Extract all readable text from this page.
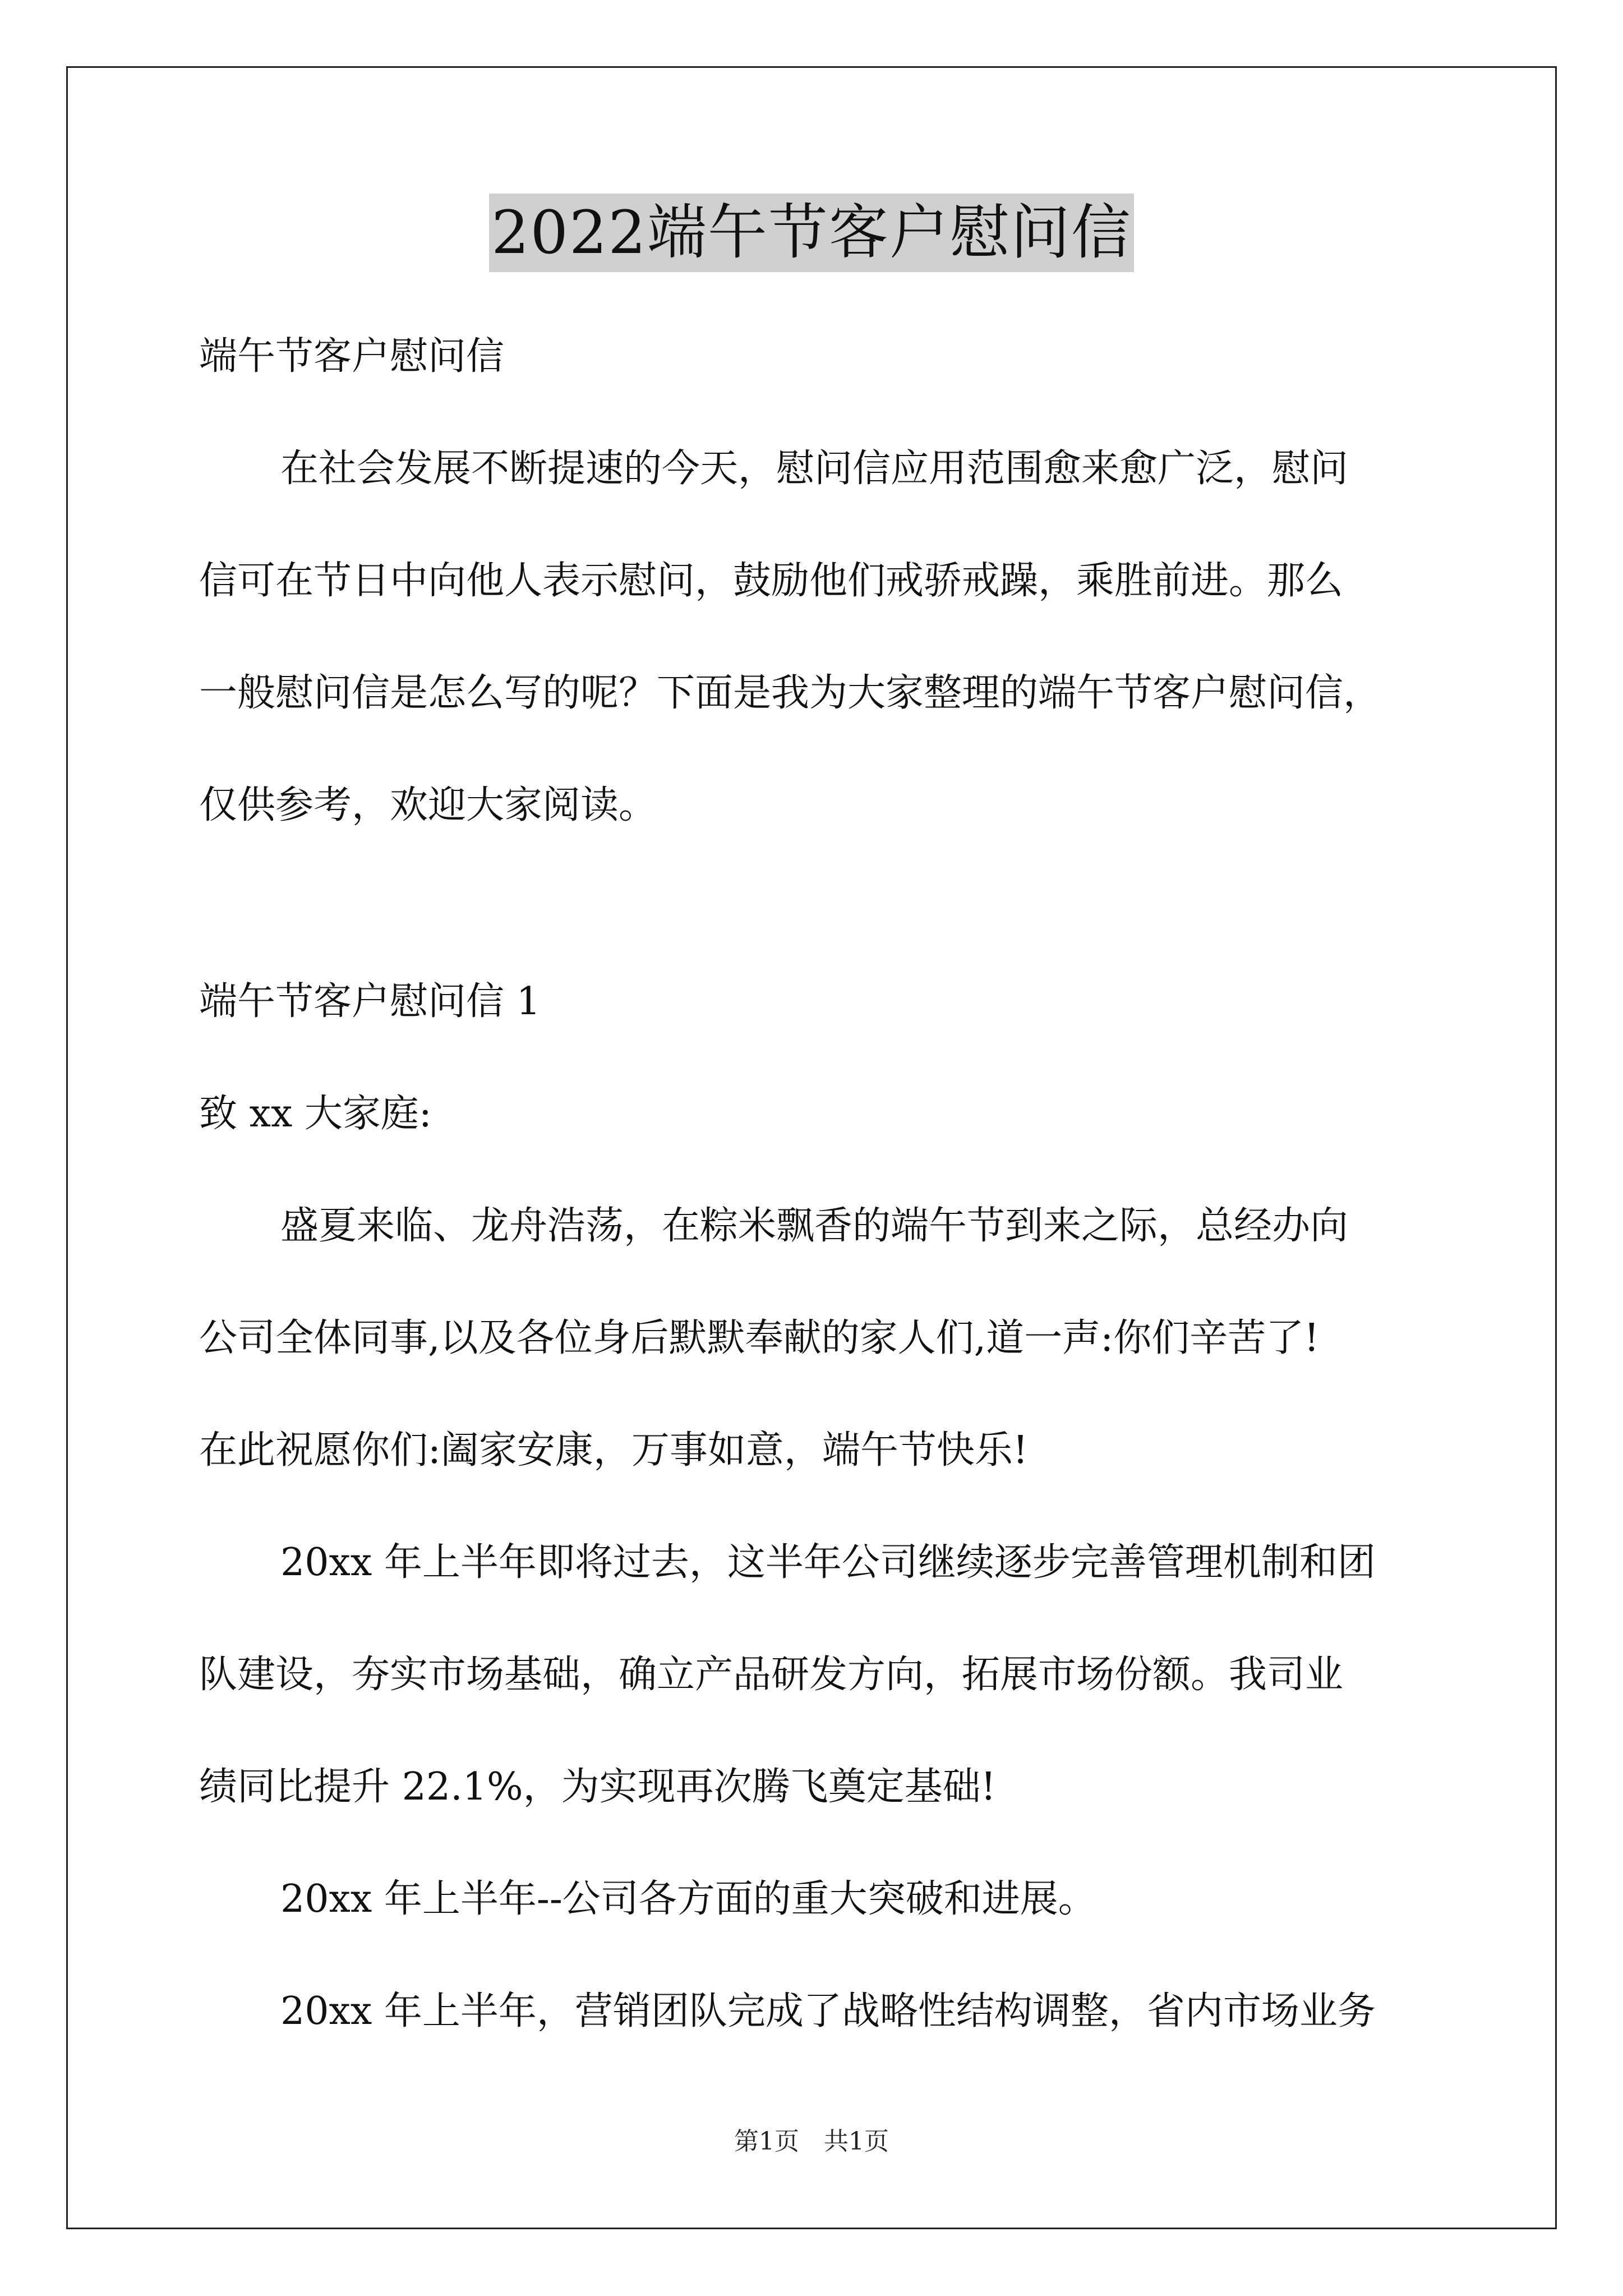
2022端午节客户慰问信
端午节客户慰问信
在社会发展不断提速的今天，慰问信应用范围愈来愈广泛，慰问
信可在节日中向他人表示慰问，鼓励他们戒骄戒躁，乘胜前进。那么
一般慰问信是怎么写的呢？下面是我为大家整理的端午节客户慰问信，
仅供参考，欢迎大家阅读。
端午节客户慰问信 1
致 xx 大家庭:
盛夏来临、龙舟浩荡，在粽米飘香的端午节到来之际，总经办向
公司全体同事,以及各位身后默默奉献的家人们,道一声:你们辛苦了!
在此祝愿你们:阖家安康，万事如意，端午节快乐!
20xx 年上半年即将过去，这半年公司继续逐步完善管理机制和团
队建设，夯实市场基础，确立产品研发方向，拓展市场份额。我司业
绩同比提升 22.1%，为实现再次腾飞奠定基础!
20xx 年上半年--公司各方面的重大突破和进展。
20xx 年上半年，营销团队完成了战略性结构调整，省内市场业务
第1页　共1页
